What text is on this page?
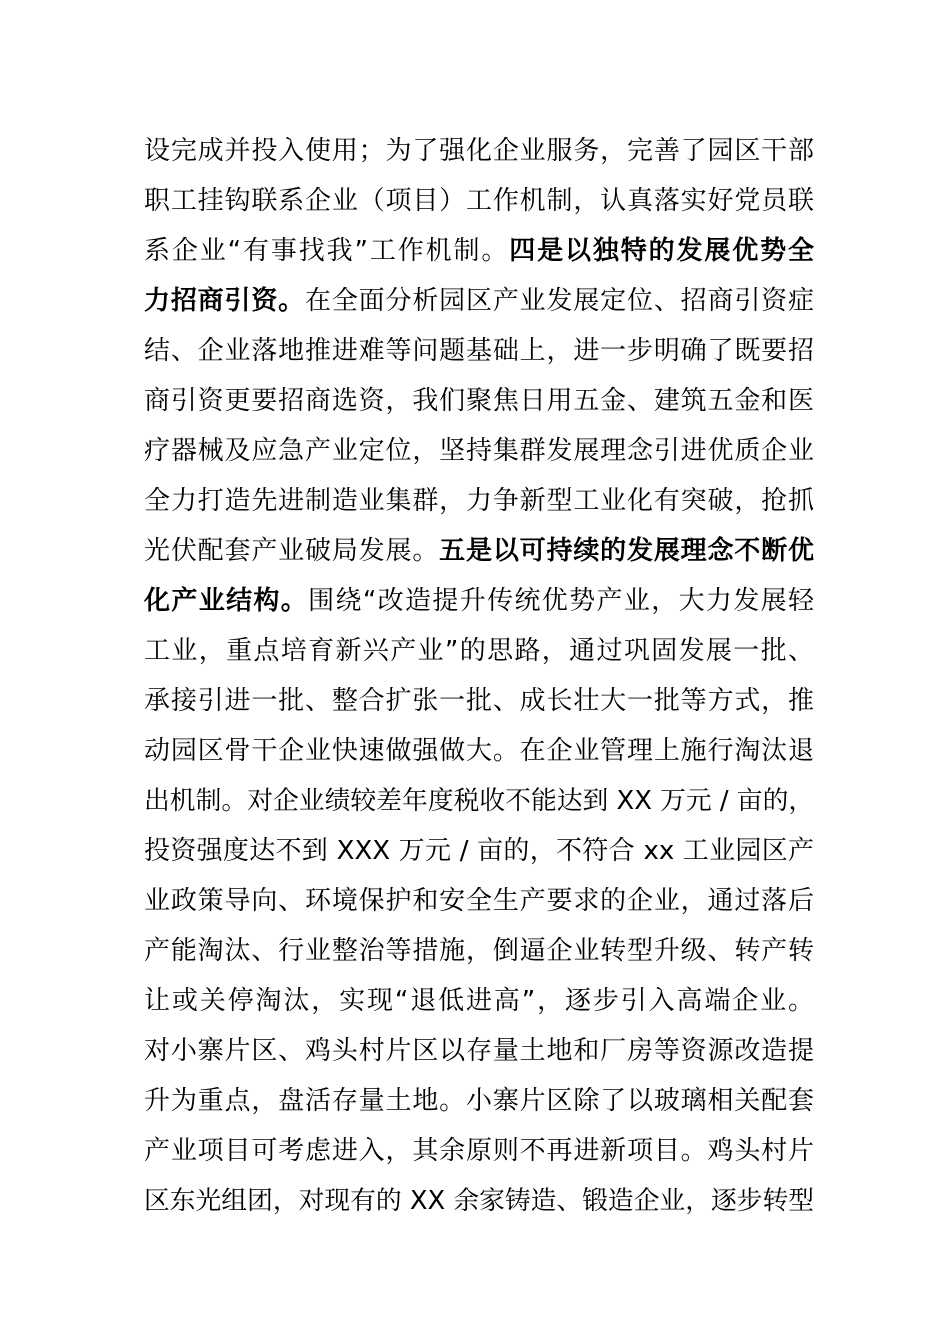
设完成并投入使用；为了强化企业服务，完善了园区干部
职工挂钩联系企业（项目）工作机制，认真落实好党员联
系企业“有事找我”工作机制。四是以独特的发展优势全
力招商引资。在全面分析园区产业发展定位、招商引资症
结、企业落地推进难等问题基础上，进一步明确了既要招
商引资更要招商选资，我们聚焦日用五金、建筑五金和医
疗器械及应急产业定位，坚持集群发展理念引进优质企业
全力打造先进制造业集群，力争新型工业化有突破，抢抓
光伏配套产业破局发展。五是以可持续的发展理念不断优
化产业结构。围绕“改造提升传统优势产业，大力发展轻
工业，重点培育新兴产业”的思路，通过巩固发展一批、
承接引进一批、整合扩张一批、成长壮大一批等方式，推
动园区骨干企业快速做强做大。在企业管理上施行淘汰退
出机制。对企业绩较差年度税收不能达到 XX 万元 / 亩的，
投资强度达不到 XXX 万元 / 亩的，不符合 xx 工业园区产
业政策导向、环境保护和安全生产要求的企业，通过落后
产能淘汰、行业整治等措施，倒逼企业转型升级、转产转
让或关停淘汰，实现“退低进高”，逐步引入高端企业。
对小寨片区、鸡头村片区以存量土地和厂房等资源改造提
升为重点，盘活存量土地。小寨片区除了以玻璃相关配套
产业项目可考虑进入，其余原则不再进新项目。鸡头村片
区东光组团，对现有的 XX 余家铸造、锻造企业，逐步转型
